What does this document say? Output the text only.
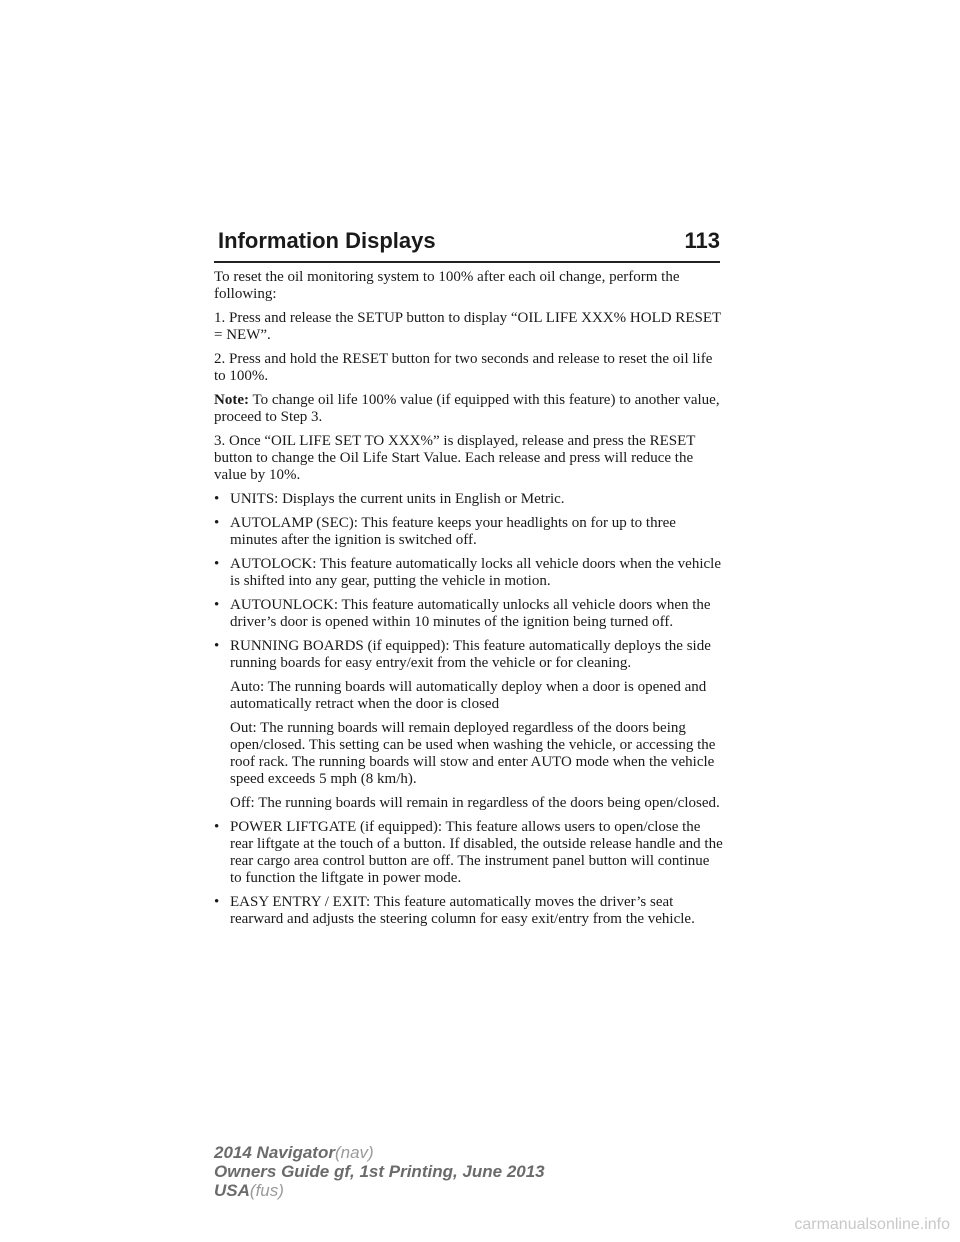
Information Displays	113

To reset the oil monitoring system to 100% after each oil change, perform the following:

1. Press and release the SETUP button to display “OIL LIFE XXX% HOLD RESET = NEW”.

2. Press and hold the RESET button for two seconds and release to reset the oil life to 100%.

Note: To change oil life 100% value (if equipped with this feature) to another value, proceed to Step 3.

3. Once “OIL LIFE SET TO XXX%” is displayed, release and press the RESET button to change the Oil Life Start Value. Each release and press will reduce the value by 10%.

• UNITS: Displays the current units in English or Metric.
• AUTOLAMP (SEC): This feature keeps your headlights on for up to three minutes after the ignition is switched off.
• AUTOLOCK: This feature automatically locks all vehicle doors when the vehicle is shifted into any gear, putting the vehicle in motion.
• AUTOUNLOCK: This feature automatically unlocks all vehicle doors when the driver’s door is opened within 10 minutes of the ignition being turned off.
• RUNNING BOARDS (if equipped): This feature automatically deploys the side running boards for easy entry/exit from the vehicle or for cleaning.

Auto: The running boards will automatically deploy when a door is opened and automatically retract when the door is closed

Out: The running boards will remain deployed regardless of the doors being open/closed. This setting can be used when washing the vehicle, or accessing the roof rack. The running boards will stow and enter AUTO mode when the vehicle speed exceeds 5 mph (8 km/h).

Off: The running boards will remain in regardless of the doors being open/closed.

• POWER LIFTGATE (if equipped): This feature allows users to open/close the rear liftgate at the touch of a button. If disabled, the outside release handle and the rear cargo area control button are off. The instrument panel button will continue to function the liftgate in power mode.
• EASY ENTRY / EXIT: This feature automatically moves the driver’s seat rearward and adjusts the steering column for easy exit/entry from the vehicle.
2014 Navigator(nav)
Owners Guide gf, 1st Printing, June 2013
USA(fus)
carmanualsonline.info
